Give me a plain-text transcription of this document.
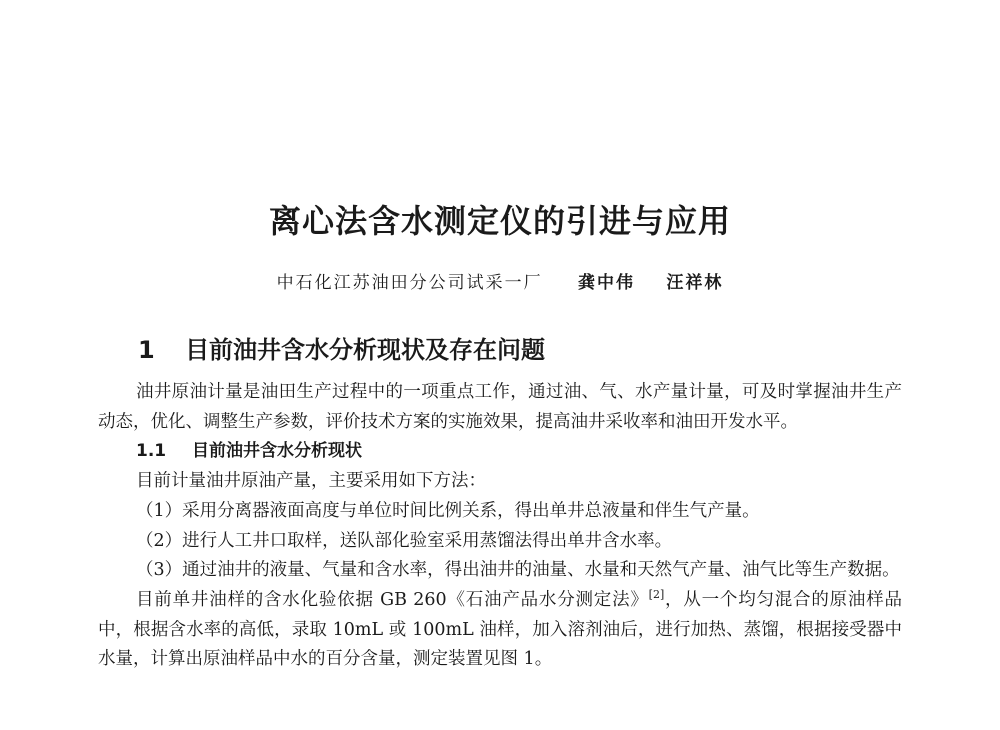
离心法含水测定仪的引进与应用
中石化江苏油田分公司试采一厂 龚中伟 汪祥林
1 目前油井含水分析现状及存在问题

油井原油计量是油田生产过程中的一项重点工作，通过油、气、水产量计量，可及时掌握油井生产动态，优化、调整生产参数，评价技术方案的实施效果，提高油井采收率和油田开发水平。

1.1 目前油井含水分析现状

目前计量油井原油产量，主要采用如下方法：

（1）采用分离器液面高度与单位时间比例关系，得出单井总液量和伴生气产量。

（2）进行人工井口取样，送队部化验室采用蒸馏法得出单井含水率。

（3）通过油井的液量、气量和含水率，得出油井的油量、水量和天然气产量、油气比等生产数据。

目前单井油样的含水化验依据 GB 260《石油产品水分测定法》[2]，从一个均匀混合的原油样品中，根据含水率的高低，录取 10mL 或 100mL 油样，加入溶剂油后，进行加热、蒸馏，根据接受器中水量，计算出原油样品中水的百分含量，测定装置见图 1。
